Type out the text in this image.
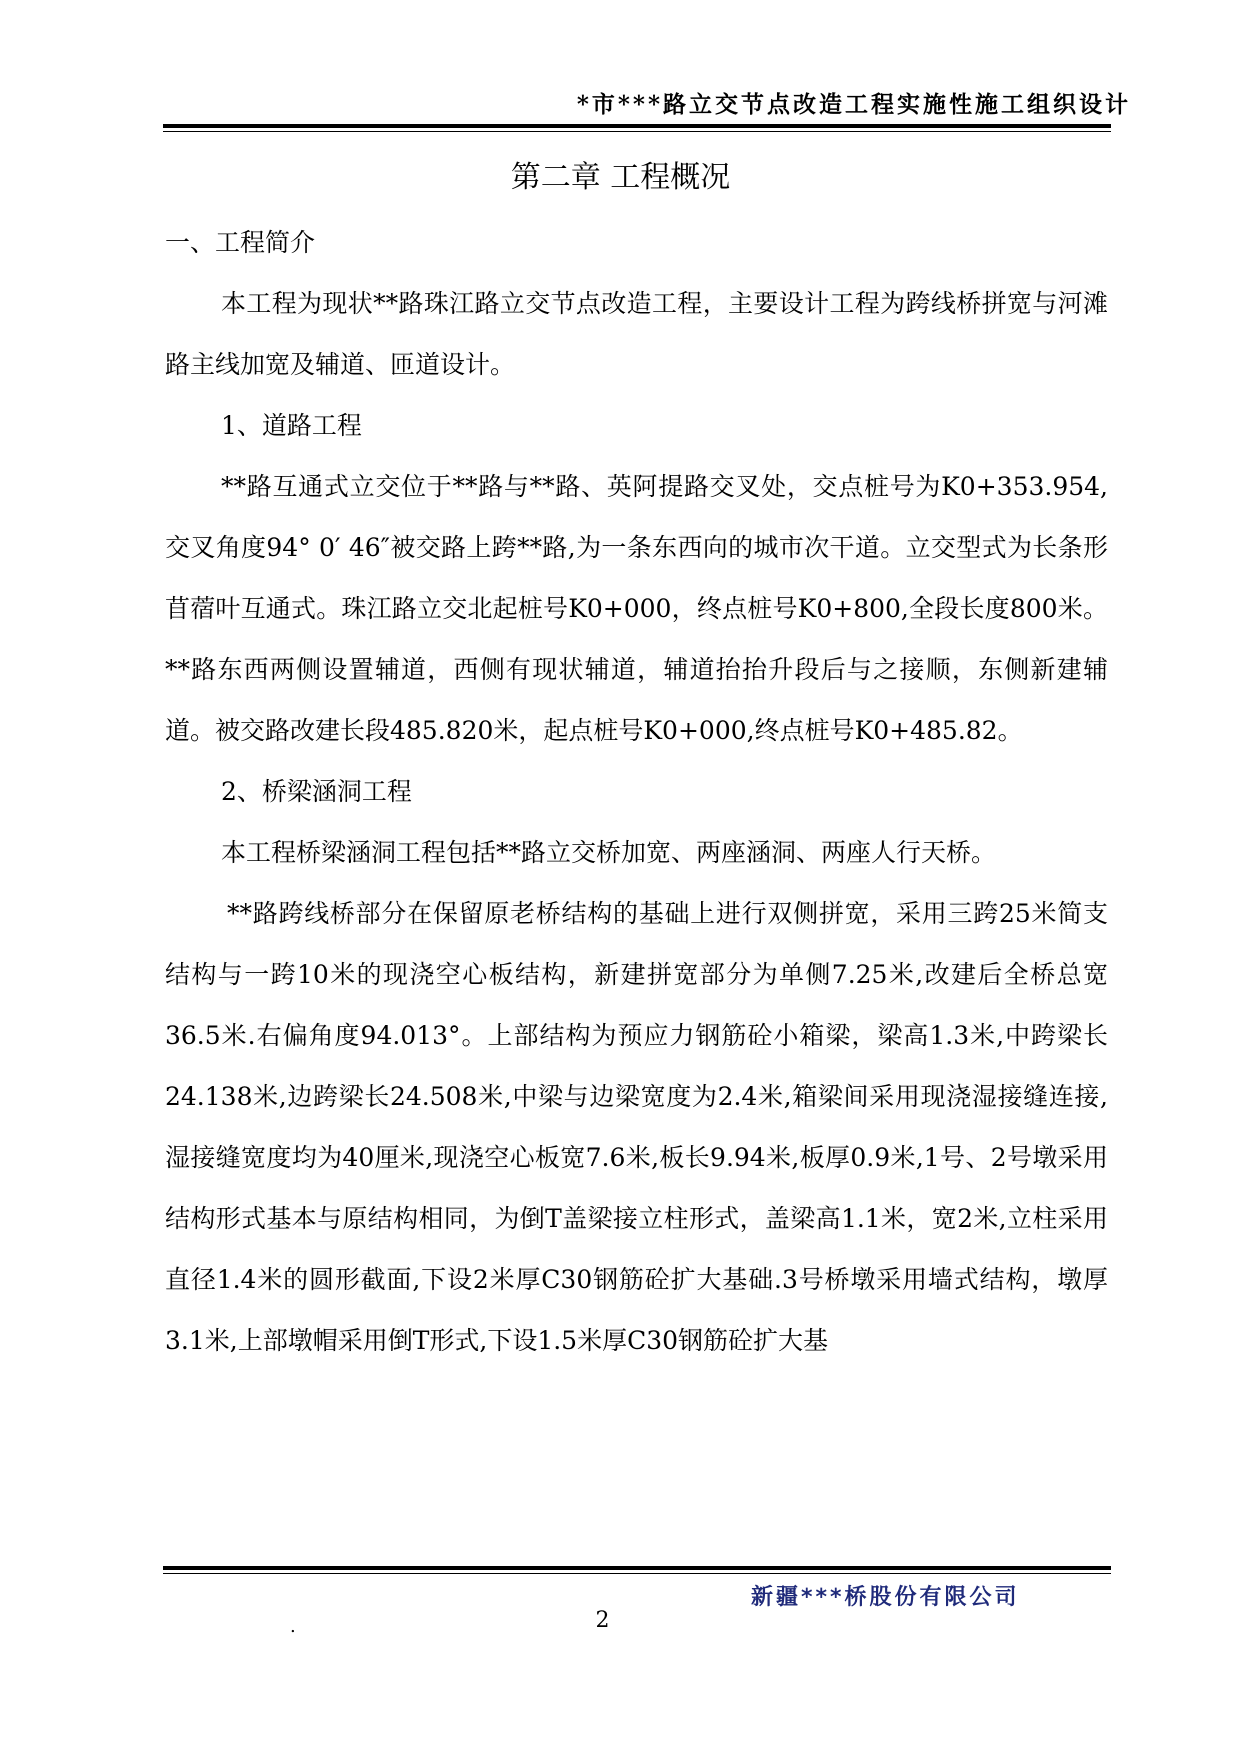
*市***路立交节点改造工程实施性施工组织设计
第二章 工程概况

一、工程简介

本工程为现状**路珠江路立交节点改造工程，主要设计工程为跨线桥拼宽与河滩路主线加宽及辅道、匝道设计。

1、道路工程

**路互通式立交位于**路与**路、英阿提路交叉处，交点桩号为K0+353.954,交叉角度94° 0′ 46″被交路上跨**路,为一条东西向的城市次干道。立交型式为长条形苜蓿叶互通式。珠江路立交北起桩号K0+000，终点桩号K0+800,全段长度800米。**路东西两侧设置辅道，西侧有现状辅道，辅道抬抬升段后与之接顺，东侧新建辅道。被交路改建长段485.820米，起点桩号K0+000,终点桩号K0+485.82。

2、桥梁涵洞工程

本工程桥梁涵洞工程包括**路立交桥加宽、两座涵洞、两座人行天桥。

**路跨线桥部分在保留原老桥结构的基础上进行双侧拼宽，采用三跨25米简支结构与一跨10米的现浇空心板结构，新建拼宽部分为单侧7.25米,改建后全桥总宽36.5米.右偏角度94.013°。上部结构为预应力钢筋砼小箱梁，梁高1.3米,中跨梁长24.138米,边跨梁长24.508米,中梁与边梁宽度为2.4米,箱梁间采用现浇湿接缝连接,湿接缝宽度均为40厘米,现浇空心板宽7.6米,板长9.94米,板厚0.9米,1号、2号墩采用结构形式基本与原结构相同，为倒T盖梁接立柱形式，盖梁高1.1米，宽2米,立柱采用直径1.4米的圆形截面,下设2米厚C30钢筋砼扩大基础.3号桥墩采用墙式结构，墩厚3.1米,上部墩帽采用倒T形式,下设1.5米厚C30钢筋砼扩大基

新疆***桥股份有限公司
.	2
